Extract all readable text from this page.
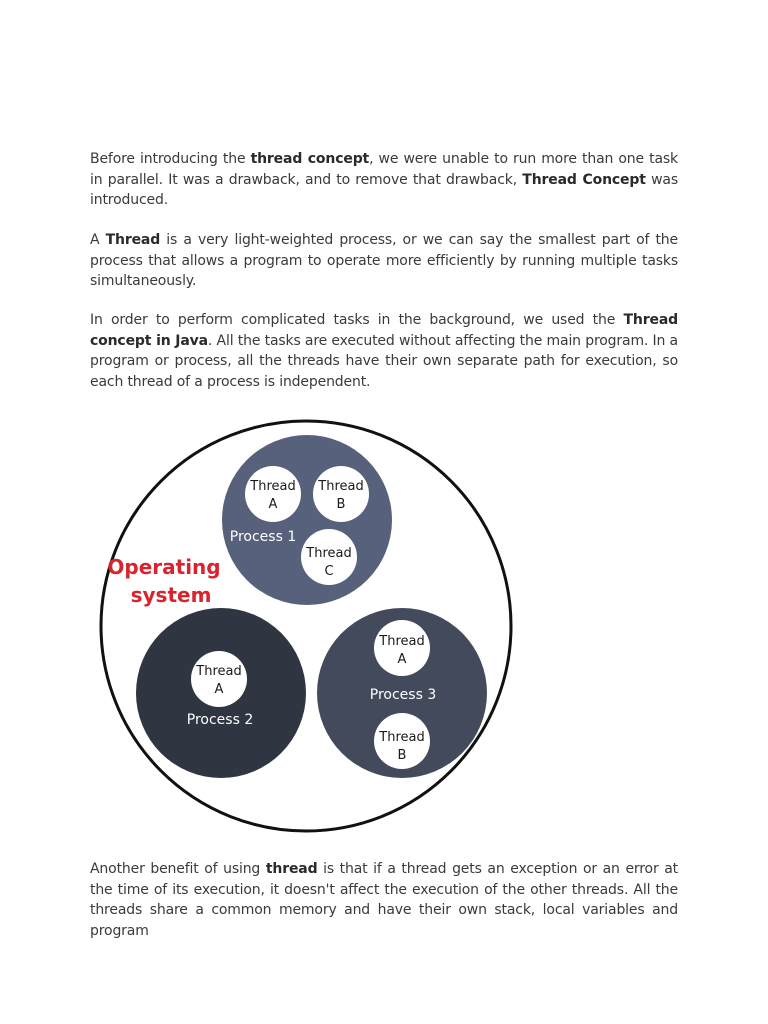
Before introducing the thread concept, we were unable to run more than one task in parallel. It was a drawback, and to remove that drawback, Thread Concept was introduced.

A Thread is a very light-weighted process, or we can say the smallest part of the process that allows a program to operate more efficiently by running multiple tasks simultaneously.

In order to perform complicated tasks in the background, we used the Thread concept in Java. All the tasks are executed without affecting the main program. In a program or process, all the threads have their own separate path for execution, so each thread of a process is independent.

Operating
system
Thread
A
Thread
B
Thread
C
Process 1
Thread
A
Process 2
Thread
A
Process 3
Thread
B

Another benefit of using thread is that if a thread gets an exception or an error at the time of its execution, it doesn't affect the execution of the other threads. All the threads share a common memory and have their own stack, local variables and program
